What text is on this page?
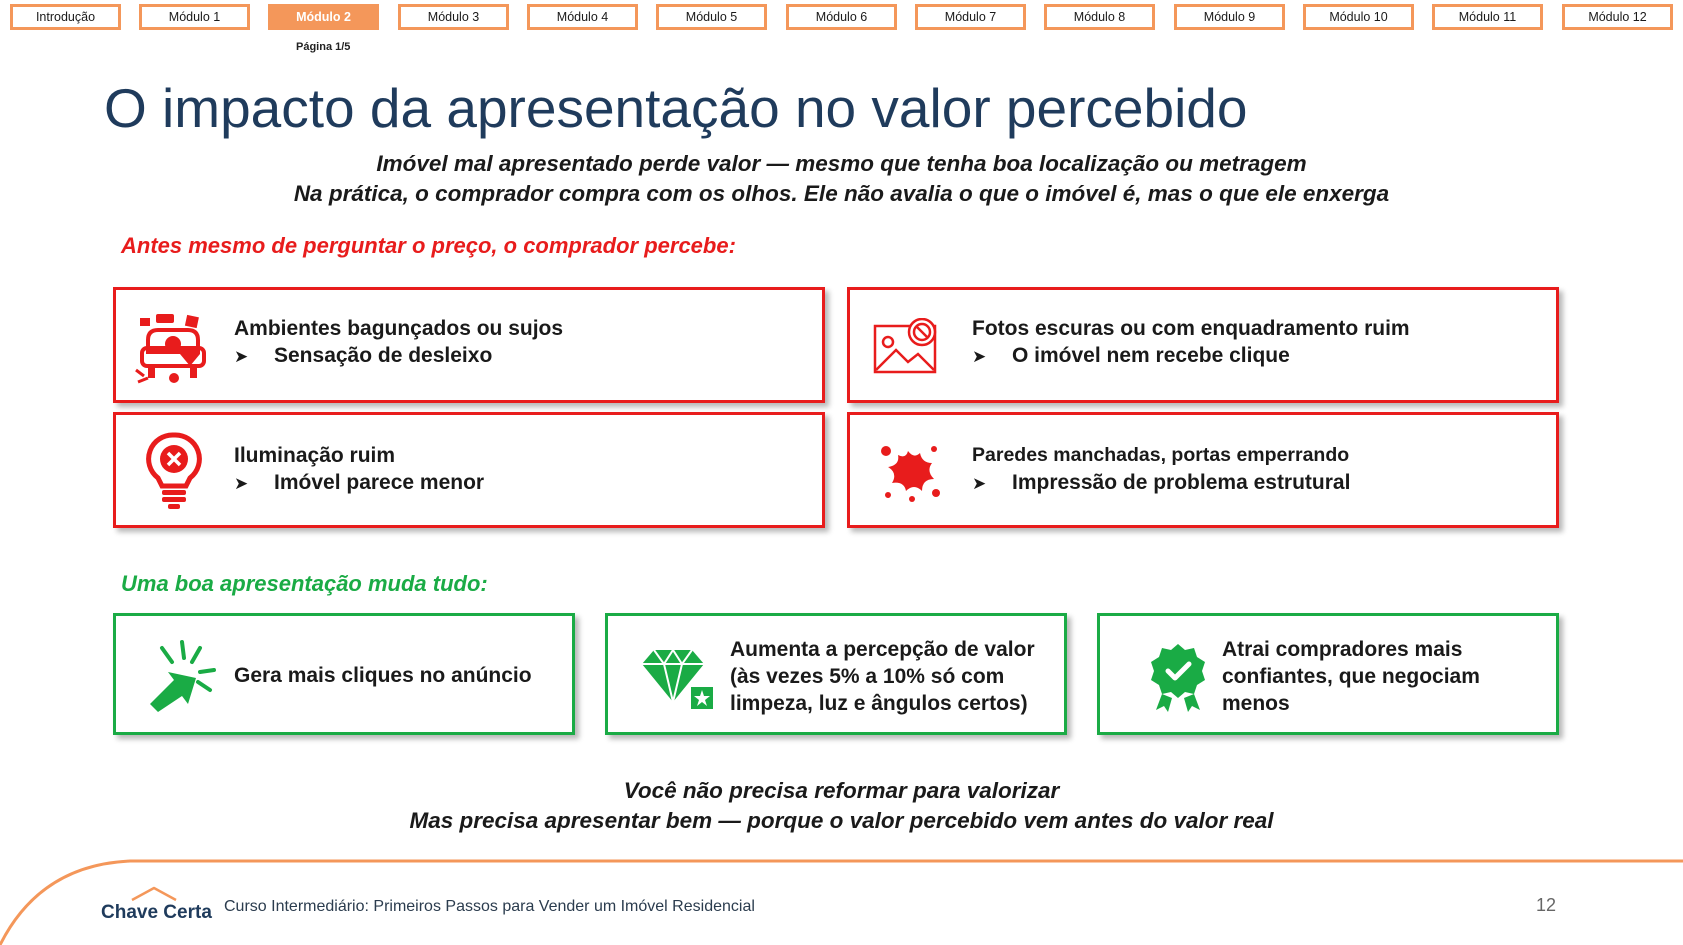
Introdução	Módulo 1	Módulo 2	Módulo 3	Módulo 4	Módulo 5	Módulo 6	Módulo 7	Módulo 8	Módulo 9	Módulo 10	Módulo 11	Módulo 12
Página 1/5
O impacto da apresentação no valor percebido
Imóvel mal apresentado perde valor — mesmo que tenha boa localização ou metragem
Na prática, o comprador compra com os olhos. Ele não avalia o que o imóvel é, mas o que ele enxerga
Antes mesmo de perguntar o preço, o comprador percebe:
Ambientes bagunçados ou sujos
➤ Sensação de desleixo
Fotos escuras ou com enquadramento ruim
➤ O imóvel nem recebe clique
Iluminação ruim
➤ Imóvel parece menor
Paredes manchadas, portas emperrando
➤ Impressão de problema estrutural
Uma boa apresentação muda tudo:
Gera mais cliques no anúncio
Aumenta a percepção de valor
(às vezes 5% a 10% só com
limpeza, luz e ângulos certos)
Atrai compradores mais
confiantes, que negociam
menos
Você não precisa reformar para valorizar
Mas precisa apresentar bem — porque o valor percebido vem antes do valor real
Chave Certa Curso Intermediário: Primeiros Passos para Vender um Imóvel Residencial	12
